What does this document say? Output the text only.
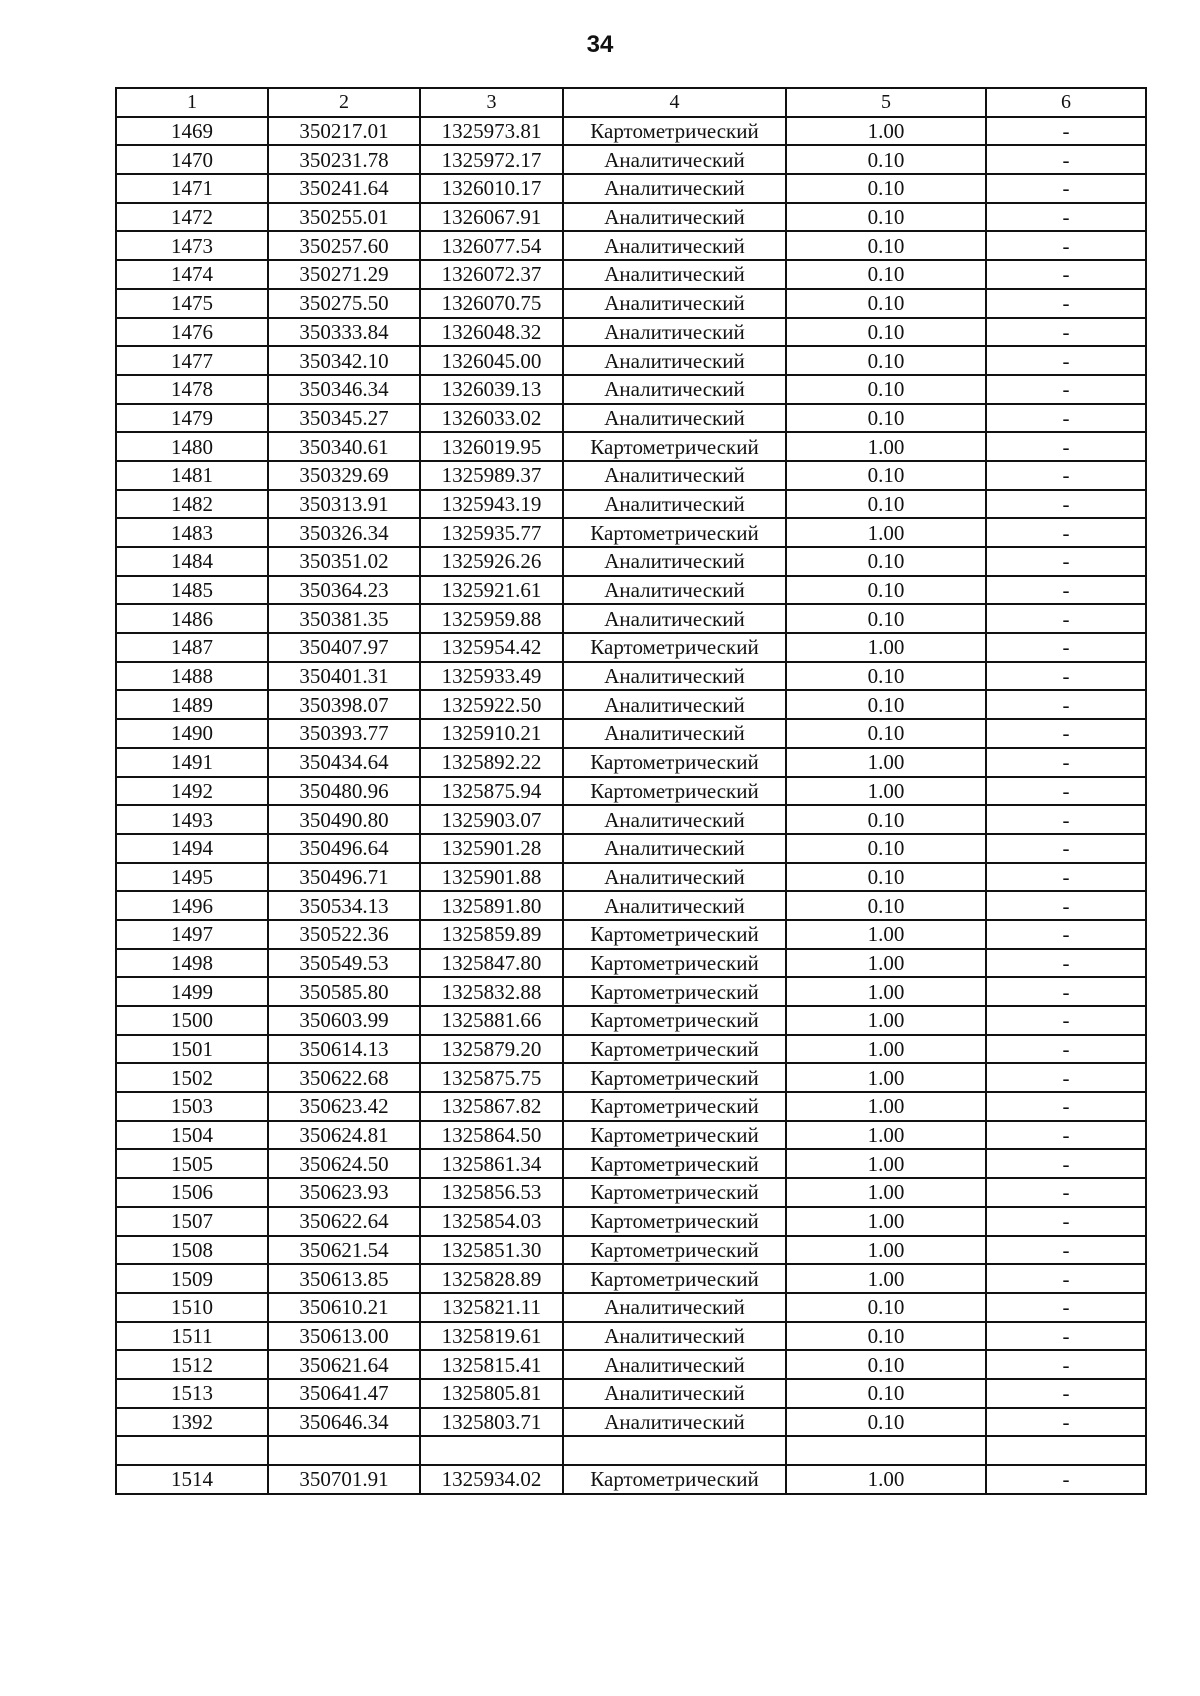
34
1	2	3	4	5	6
1469	350217.01	1325973.81	Картометрический	1.00	-
1470	350231.78	1325972.17	Аналитический	0.10	-
1471	350241.64	1326010.17	Аналитический	0.10	-
1472	350255.01	1326067.91	Аналитический	0.10	-
1473	350257.60	1326077.54	Аналитический	0.10	-
1474	350271.29	1326072.37	Аналитический	0.10	-
1475	350275.50	1326070.75	Аналитический	0.10	-
1476	350333.84	1326048.32	Аналитический	0.10	-
1477	350342.10	1326045.00	Аналитический	0.10	-
1478	350346.34	1326039.13	Аналитический	0.10	-
1479	350345.27	1326033.02	Аналитический	0.10	-
1480	350340.61	1326019.95	Картометрический	1.00	-
1481	350329.69	1325989.37	Аналитический	0.10	-
1482	350313.91	1325943.19	Аналитический	0.10	-
1483	350326.34	1325935.77	Картометрический	1.00	-
1484	350351.02	1325926.26	Аналитический	0.10	-
1485	350364.23	1325921.61	Аналитический	0.10	-
1486	350381.35	1325959.88	Аналитический	0.10	-
1487	350407.97	1325954.42	Картометрический	1.00	-
1488	350401.31	1325933.49	Аналитический	0.10	-
1489	350398.07	1325922.50	Аналитический	0.10	-
1490	350393.77	1325910.21	Аналитический	0.10	-
1491	350434.64	1325892.22	Картометрический	1.00	-
1492	350480.96	1325875.94	Картометрический	1.00	-
1493	350490.80	1325903.07	Аналитический	0.10	-
1494	350496.64	1325901.28	Аналитический	0.10	-
1495	350496.71	1325901.88	Аналитический	0.10	-
1496	350534.13	1325891.80	Аналитический	0.10	-
1497	350522.36	1325859.89	Картометрический	1.00	-
1498	350549.53	1325847.80	Картометрический	1.00	-
1499	350585.80	1325832.88	Картометрический	1.00	-
1500	350603.99	1325881.66	Картометрический	1.00	-
1501	350614.13	1325879.20	Картометрический	1.00	-
1502	350622.68	1325875.75	Картометрический	1.00	-
1503	350623.42	1325867.82	Картометрический	1.00	-
1504	350624.81	1325864.50	Картометрический	1.00	-
1505	350624.50	1325861.34	Картометрический	1.00	-
1506	350623.93	1325856.53	Картометрический	1.00	-
1507	350622.64	1325854.03	Картометрический	1.00	-
1508	350621.54	1325851.30	Картометрический	1.00	-
1509	350613.85	1325828.89	Картометрический	1.00	-
1510	350610.21	1325821.11	Аналитический	0.10	-
1511	350613.00	1325819.61	Аналитический	0.10	-
1512	350621.64	1325815.41	Аналитический	0.10	-
1513	350641.47	1325805.81	Аналитический	0.10	-
1392	350646.34	1325803.71	Аналитический	0.10	-

1514	350701.91	1325934.02	Картометрический	1.00	-
